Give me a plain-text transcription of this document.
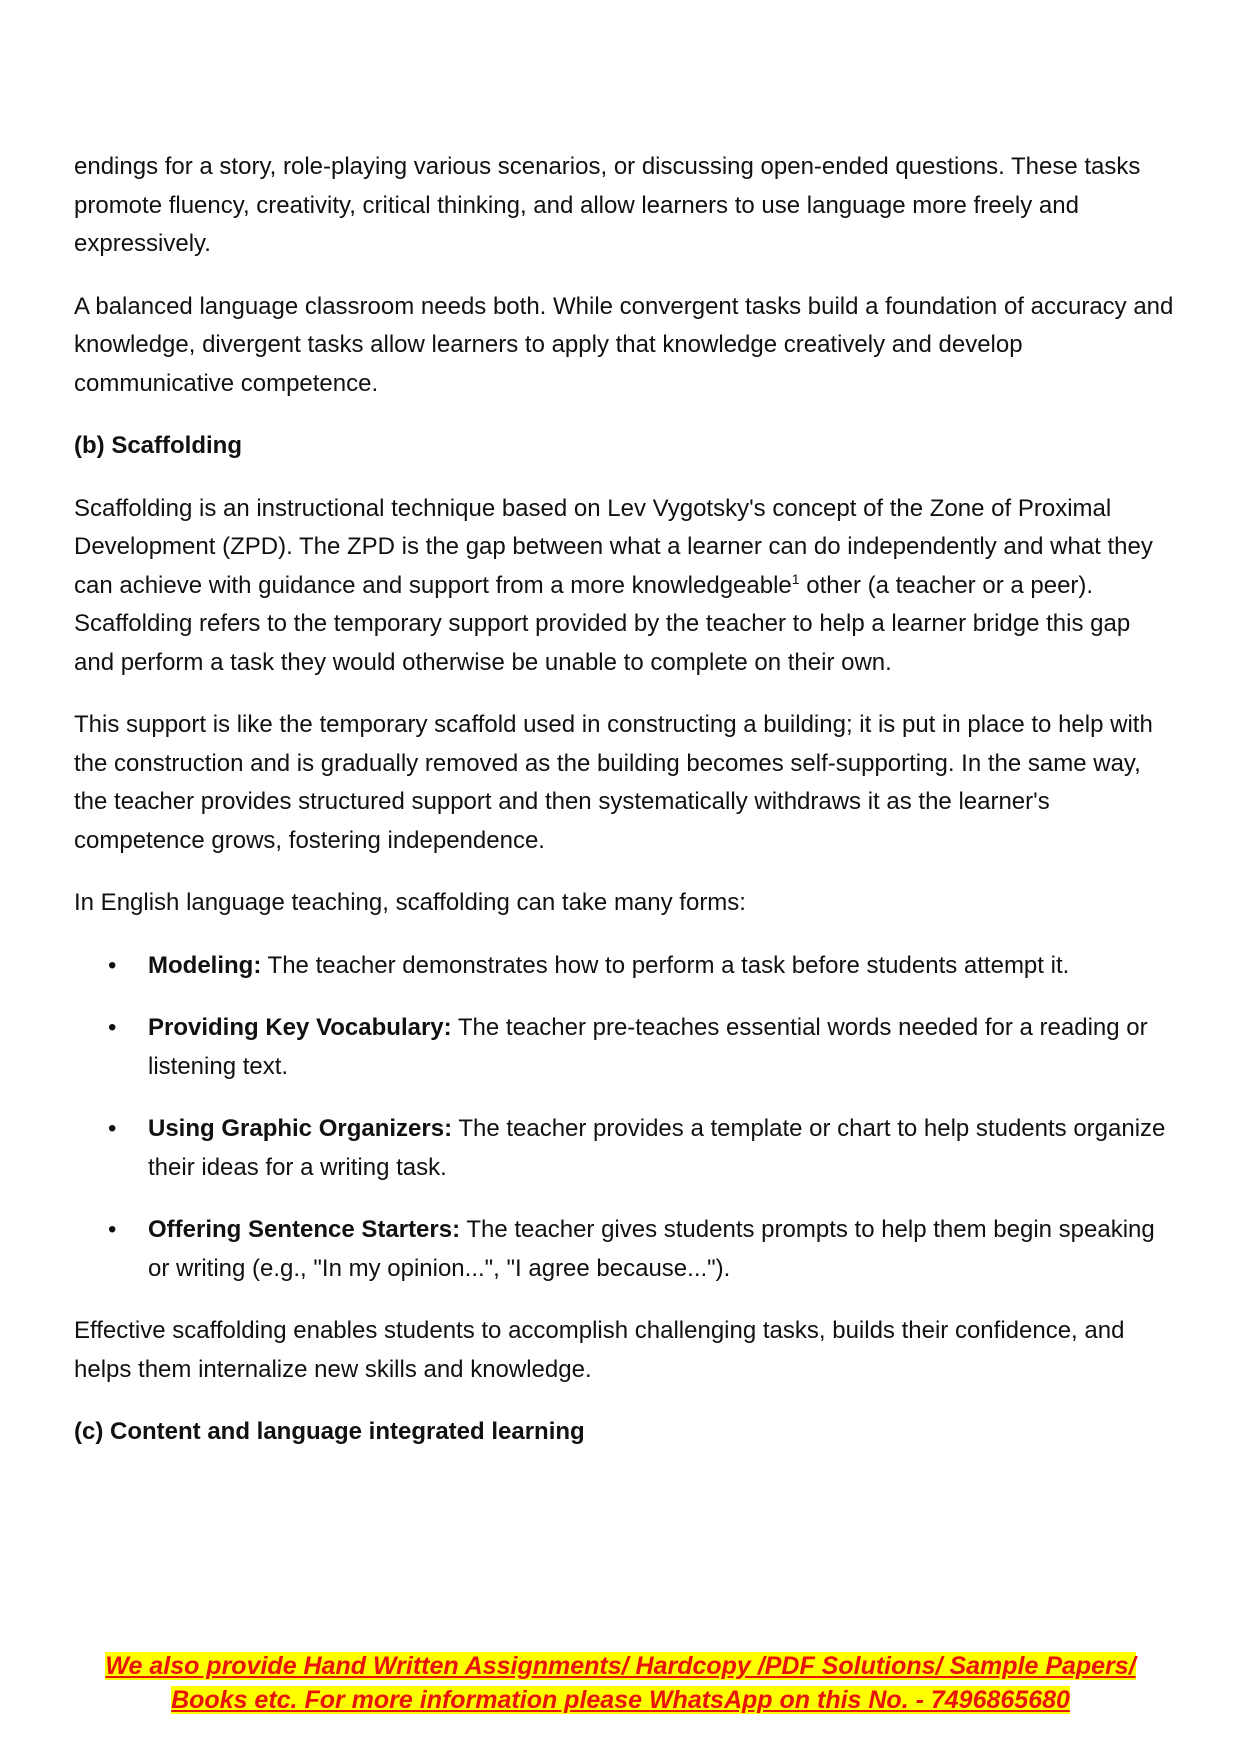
endings for a story, role-playing various scenarios, or discussing open-ended questions. These tasks promote fluency, creativity, critical thinking, and allow learners to use language more freely and expressively.

A balanced language classroom needs both. While convergent tasks build a foundation of accuracy and knowledge, divergent tasks allow learners to apply that knowledge creatively and develop communicative competence.

(b) Scaffolding

Scaffolding is an instructional technique based on Lev Vygotsky's concept of the Zone of Proximal Development (ZPD). The ZPD is the gap between what a learner can do independently and what they can achieve with guidance and support from a more knowledgeable$^1$ other (a teacher or a peer). Scaffolding refers to the temporary support provided by the teacher to help a learner bridge this gap and perform a task they would otherwise be unable to complete on their own.

This support is like the temporary scaffold used in constructing a building; it is put in place to help with the construction and is gradually removed as the building becomes self-supporting. In the same way, the teacher provides structured support and then systematically withdraws it as the learner's competence grows, fostering independence.

In English language teaching, scaffolding can take many forms:

• Modeling: The teacher demonstrates how to perform a task before students attempt it.
• Providing Key Vocabulary: The teacher pre-teaches essential words needed for a reading or listening text.
• Using Graphic Organizers: The teacher provides a template or chart to help students organize their ideas for a writing task.
• Offering Sentence Starters: The teacher gives students prompts to help them begin speaking or writing (e.g., "In my opinion...", "I agree because...").

Effective scaffolding enables students to accomplish challenging tasks, builds their confidence, and helps them internalize new skills and knowledge.

(c) Content and language integrated learning
We also provide Hand Written Assignments/ Hardcopy /PDF Solutions/ Sample Papers/
Books etc. For more information please WhatsApp on this No. - 7496865680
